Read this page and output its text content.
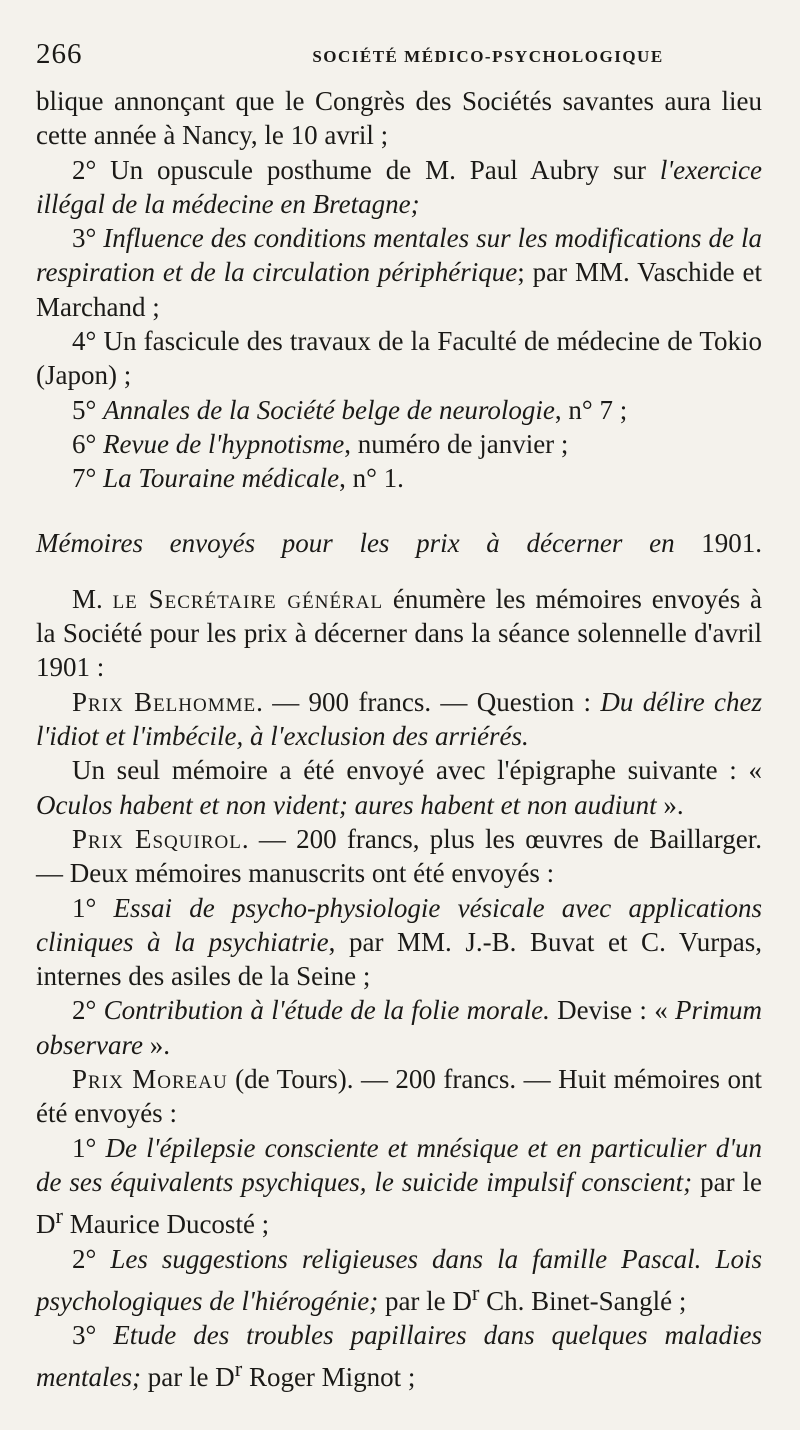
266	SOCIÉTÉ MÉDICO-PSYCHOLOGIQUE

blique annonçant que le Congrès des Sociétés savantes aura lieu cette année à Nancy, le 10 avril ;

2° Un opuscule posthume de M. Paul Aubry sur l'exercice illégal de la médecine en Bretagne;

3° Influence des conditions mentales sur les modifications de la respiration et de la circulation périphérique; par MM. Vaschide et Marchand ;

4° Un fascicule des travaux de la Faculté de médecine de Tokio (Japon) ;

5° Annales de la Société belge de neurologie, n° 7 ;

6° Revue de l'hypnotisme, numéro de janvier ;

7° La Touraine médicale, n° 1.

Mémoires envoyés pour les prix à décerner en 1901.

M. le Secrétaire général énumère les mémoires envoyés à la Société pour les prix à décerner dans la séance solennelle d'avril 1901 :

Prix Belhomme. — 900 francs. — Question : Du délire chez l'idiot et l'imbécile, à l'exclusion des arriérés.

Un seul mémoire a été envoyé avec l'épigraphe suivante : « Oculos habent et non vident; aures habent et non audiunt ».

Prix Esquirol. — 200 francs, plus les œuvres de Baillarger. — Deux mémoires manuscrits ont été envoyés :

1° Essai de psycho-physiologie vésicale avec applications cliniques à la psychiatrie, par MM. J.-B. Buvat et C. Vurpas, internes des asiles de la Seine ;

2° Contribution à l'étude de la folie morale. Devise : « Primum observare ».

Prix Moreau (de Tours). — 200 francs. — Huit mémoires ont été envoyés :

1° De l'épilepsie consciente et mnésique et en particulier d'un de ses équivalents psychiques, le suicide impulsif conscient; par le $D^r$ Maurice Ducosté ;

2° Les suggestions religieuses dans la famille Pascal. Lois psychologiques de l'hiérogénie; par le $D^r$ Ch. Binet-Sanglé ;

3° Etude des troubles papillaires dans quelques maladies mentales; par le $D^r$ Roger Mignot ;
